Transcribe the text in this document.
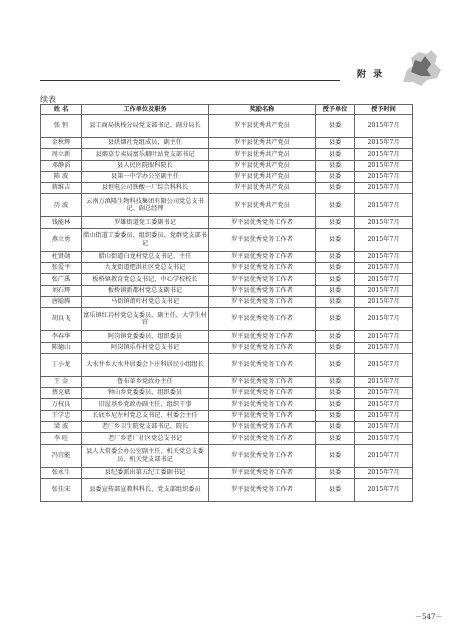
附 录
续表
姓 名	工作单位及职务	奖励名称	授予单位	授予时间
张 恒	县工商局执栈分局党支部书记、副分局长	罗平县优秀共产党员	县委	2015年7月
金秋辉	县烘烟社党组成员、副主任	罗平县优秀共产党员	县委	2015年7月
周立新	县烟草专卖局富乐烟叶站党支部书记	罗平县优秀共产党员	县委	2015年7月
邓静滔	县人民医院眼科院长	罗平县优秀共产党员	县委	2015年7月
陈 波	县第一中学办公室副主任	罗平县优秀共产党员	县委	2015年7月
蒋维吉	县恒电公司铁酸一厂综合科科长	罗平县优秀共产党员	县委	2015年7月
历 波	云南万滇隆生物科技集团有限公司党总支书记、副总经理	罗平县优秀共产党员	县委	2015年7月
钱能林	罗雄街道党工委副书记	罗平县优秀党务工作者	县委	2015年7月
燕立勇	腊山街道工委委员、组织委员、党群党支部书记	罗平县优秀党务工作者	县委	2015年7月
杜贤勋	腊山街道白龙村党总支书记、主任	罗平县优秀党务工作者	县委	2015年7月
张爱平	九龙街道把洪社区党总支书记	罗平县优秀党务工作者	县委	2015年7月
张广禹	板桥镇教育党总支书记、中心学校校长	罗平县优秀党务工作者	县委	2015年7月
刘石辉	板桥镇新都村党总支副书记	罗平县优秀党务工作者	县委	2015年7月
唐聪腾	马街镇莆叶村党总支书记	罗平县优秀党务工作者	县委	2015年7月
胡良飞	富乐镇红岩村党总支委员、副主任、大学生村官	罗平县优秀党务工作者	县委	2015年7月
李春华	阿岗镇党委委员、组织委员	罗平县优秀党务工作者	县委	2015年7月
陈德山	阿岗镇乐作村党总支书记	罗平县优秀党务工作者	县委	2015年7月
丁小龙	大水井乡大水井居委会卜庄科居民小组组长	罗平县优秀党务工作者	县委	2015年7月
王 金	鲁布革乡党政办主任	罗平县优秀党务工作者	县委	2015年7月
蔡克斌	钟山乡党委委员、组织委员	罗平县优秀党务工作者	县委	2015年7月
万权良	旧屋基乡党政办副主任、组织干事	罗平县优秀党务工作者	县委	2015年7月
王学忠	长底乡尼左村党总支书记、村委会主任	罗平县优秀党务工作者	县委	2015年7月
梁 波	老厂乡卫生院党支部书记、院长	罗平县优秀党务工作者	县委	2015年7月
李 旺	老厂乡老厂社区党总支书记	罗平县优秀党务工作者	县委	2015年7月
冯宜能	县人大常委会办公室副主任、机关党总支委员、机关党支部书记	罗平县优秀党务工作者	县委	2015年7月
张永生	县纪委派出第五纪工委副书记	罗平县优秀党务工作者	县委	2015年7月
张佳宋	县委宣传部宣教科科长、党支部组织委员	罗平县优秀党务工作者	县委	2015年7月
－547－
